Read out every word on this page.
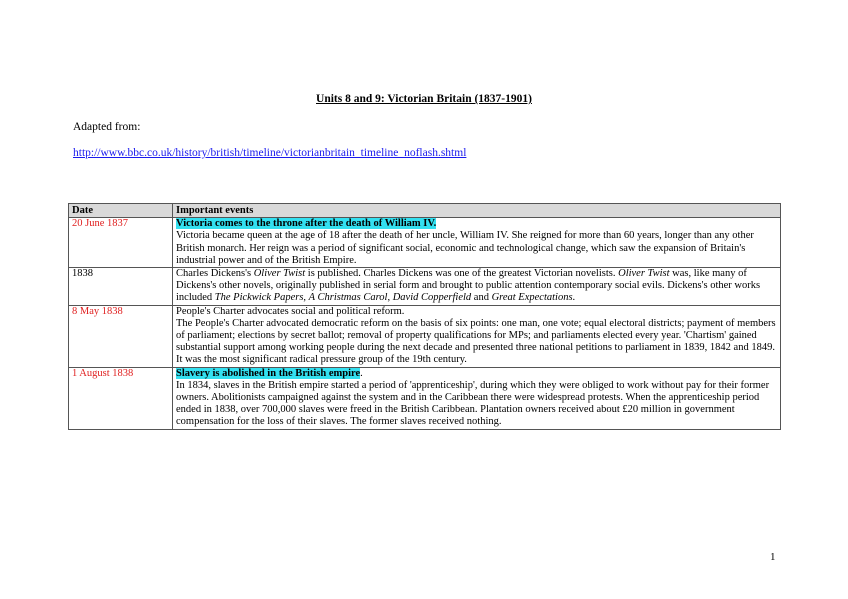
Units 8 and 9: Victorian Britain (1837-1901)
Adapted from:
http://www.bbc.co.uk/history/british/timeline/victorianbritain_timeline_noflash.shtml
Date	Important events
20 June 1837	Victoria comes to the throne after the death of William IV.
Victoria became queen at the age of 18 after the death of her uncle, William IV. She reigned for more than 60 years, longer than any other British monarch. Her reign was a period of significant social, economic and technological change, which saw the expansion of Britain's industrial power and of the British Empire.
1838	Charles Dickens's Oliver Twist is published. Charles Dickens was one of the greatest Victorian novelists. Oliver Twist was, like many of Dickens's other novels, originally published in serial form and brought to public attention contemporary social evils. Dickens's other works included The Pickwick Papers, A Christmas Carol, David Copperfield and Great Expectations.
8 May 1838	People's Charter advocates social and political reform.
The People's Charter advocated democratic reform on the basis of six points: one man, one vote; equal electoral districts; payment of members of parliament; elections by secret ballot; removal of property qualifications for MPs; and parliaments elected every year. 'Chartism' gained substantial support among working people during the next decade and presented three national petitions to parliament in 1839, 1842 and 1849. It was the most significant radical pressure group of the 19th century.
1 August 1838	Slavery is abolished in the British empire.
In 1834, slaves in the British empire started a period of 'apprenticeship', during which they were obliged to work without pay for their former owners. Abolitionists campaigned against the system and in the Caribbean there were widespread protests. When the apprenticeship period ended in 1838, over 700,000 slaves were freed in the British Caribbean. Plantation owners received about £20 million in government compensation for the loss of their slaves. The former slaves received nothing.
1
